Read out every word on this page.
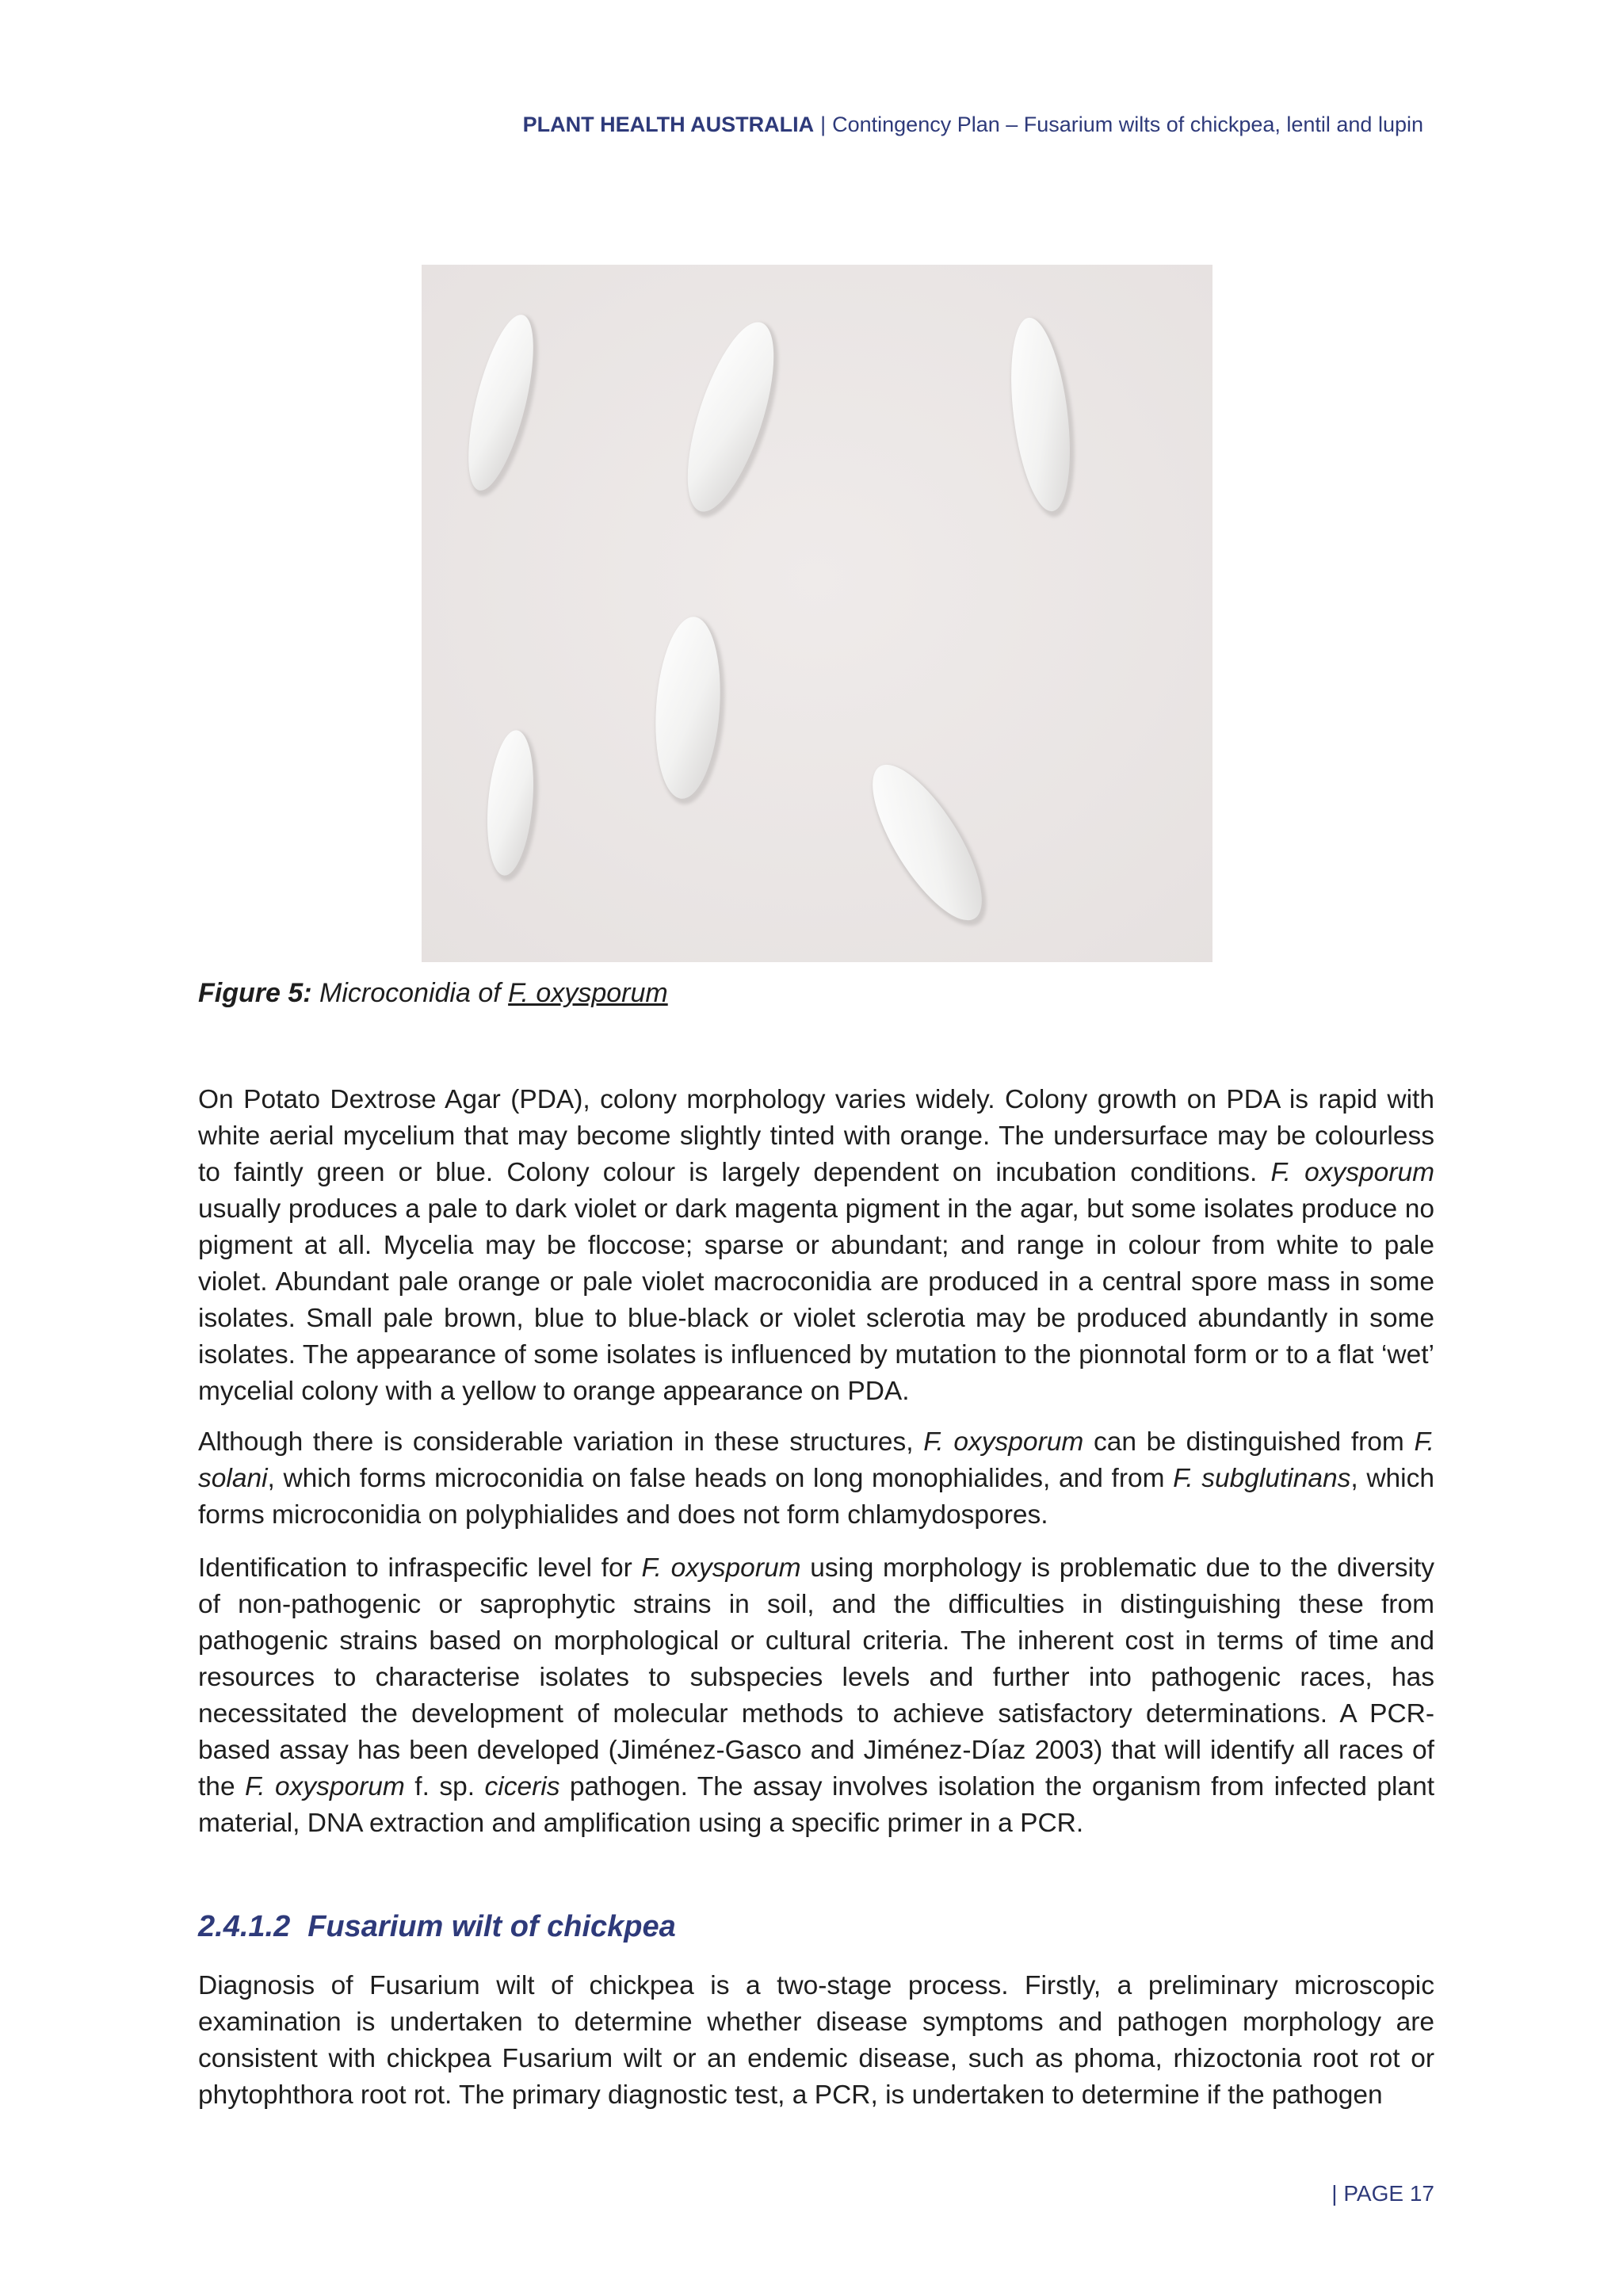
PLANT HEALTH AUSTRALIA | Contingency Plan – Fusarium wilts of chickpea, lentil and lupin
Figure 5: Microconidia of F. oxysporum

On Potato Dextrose Agar (PDA), colony morphology varies widely. Colony growth on PDA is rapid with white aerial mycelium that may become slightly tinted with orange. The undersurface may be colourless to faintly green or blue. Colony colour is largely dependent on incubation conditions. F. oxysporum usually produces a pale to dark violet or dark magenta pigment in the agar, but some isolates produce no pigment at all. Mycelia may be floccose; sparse or abundant; and range in colour from white to pale violet. Abundant pale orange or pale violet macroconidia are produced in a central spore mass in some isolates. Small pale brown, blue to blue-black or violet sclerotia may be produced abundantly in some isolates. The appearance of some isolates is influenced by mutation to the pionnotal form or to a flat ‘wet’ mycelial colony with a yellow to orange appearance on PDA.

Although there is considerable variation in these structures, F. oxysporum can be distinguished from F. solani, which forms microconidia on false heads on long monophialides, and from F. subglutinans, which forms microconidia on polyphialides and does not form chlamydospores.

Identification to infraspecific level for F. oxysporum using morphology is problematic due to the diversity of non-pathogenic or saprophytic strains in soil, and the difficulties in distinguishing these from pathogenic strains based on morphological or cultural criteria. The inherent cost in terms of time and resources to characterise isolates to subspecies levels and further into pathogenic races, has necessitated the development of molecular methods to achieve satisfactory determinations. A PCR-based assay has been developed (Jiménez-Gasco and Jiménez-Díaz 2003) that will identify all races of the F. oxysporum f. sp. ciceris pathogen. The assay involves isolation the organism from infected plant material, DNA extraction and amplification using a specific primer in a PCR.

2.4.1.2 Fusarium wilt of chickpea

Diagnosis of Fusarium wilt of chickpea is a two-stage process. Firstly, a preliminary microscopic examination is undertaken to determine whether disease symptoms and pathogen morphology are consistent with chickpea Fusarium wilt or an endemic disease, such as phoma, rhizoctonia root rot or phytophthora root rot. The primary diagnostic test, a PCR, is undertaken to determine if the pathogen

| PAGE 17
